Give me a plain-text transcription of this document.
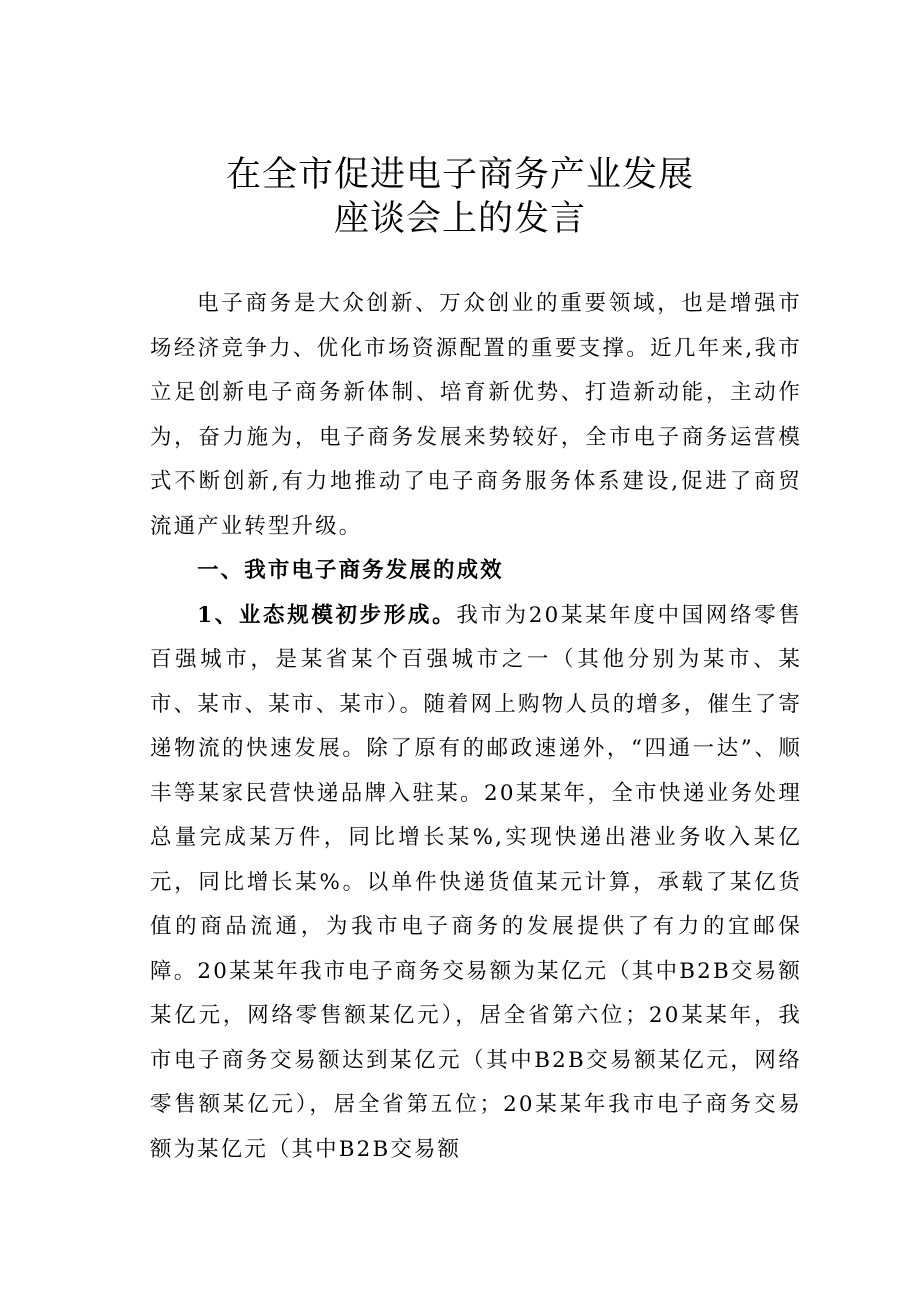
在全市促进电子商务产业发展
座谈会上的发言

电子商务是大众创新、万众创业的重要领域，也是增强市场经济竞争力、优化市场资源配置的重要支撑。近几年来,我市立足创新电子商务新体制、培育新优势、打造新动能，主动作为，奋力施为，电子商务发展来势较好，全市电子商务运营模式不断创新,有力地推动了电子商务服务体系建设,促进了商贸流通产业转型升级。

一、我市电子商务发展的成效

1、业态规模初步形成。我市为20某某年度中国网络零售百强城市，是某省某个百强城市之一（其他分别为某市、某市、某市、某市、某市）。随着网上购物人员的增多，催生了寄递物流的快速发展。除了原有的邮政速递外，“四通一达”、顺丰等某家民营快递品牌入驻某。20某某年，全市快递业务处理总量完成某万件，同比增长某%,实现快递出港业务收入某亿元，同比增长某%。以单件快递货值某元计算，承载了某亿货值的商品流通，为我市电子商务的发展提供了有力的宜邮保障。20某某年我市电子商务交易额为某亿元（其中B2B交易额某亿元，网络零售额某亿元），居全省第六位；20某某年，我市电子商务交易额达到某亿元（其中B2B交易额某亿元，网络零售额某亿元），居全省第五位；20某某年我市电子商务交易额为某亿元（其中B2B交易额
